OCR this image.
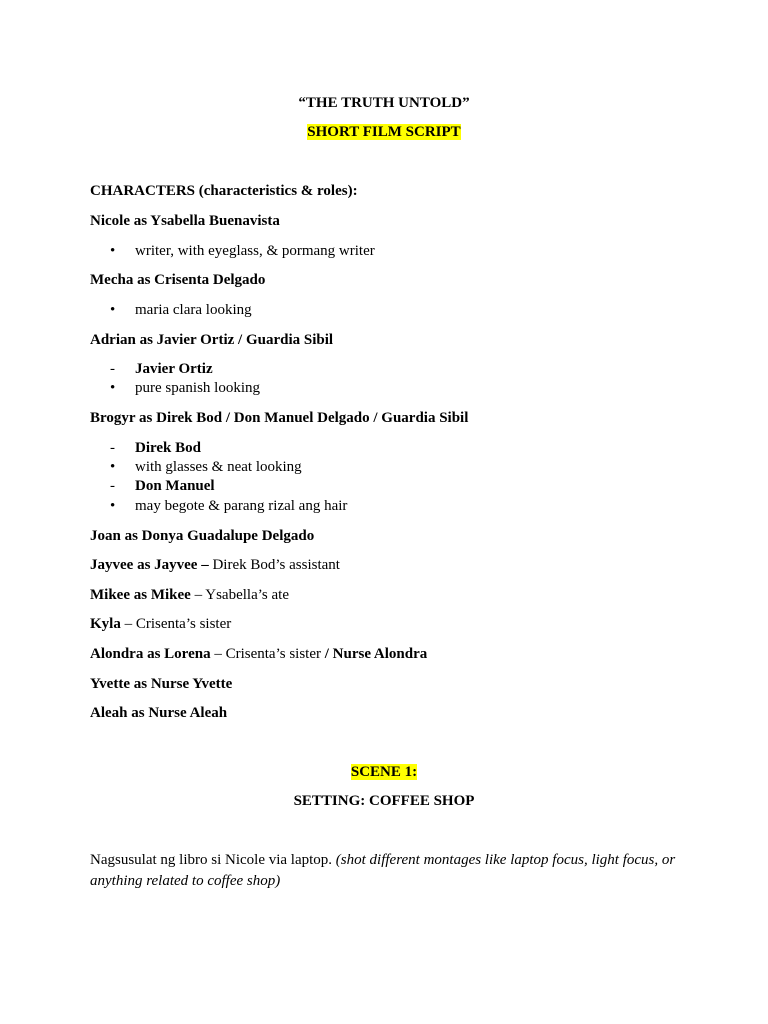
“THE TRUTH UNTOLD”
SHORT FILM SCRIPT
CHARACTERS (characteristics & roles):
Nicole as Ysabella Buenavista
•	writer, with eyeglass, & pormang writer
Mecha as Crisenta Delgado
•	maria clara looking
Adrian as Javier Ortiz / Guardia Sibil
-	Javier Ortiz
•	pure spanish looking
Brogyr as Direk Bod / Don Manuel Delgado / Guardia Sibil
-	Direk Bod
•	with glasses & neat looking
-	Don Manuel
•	may begote & parang rizal ang hair
Joan as Donya Guadalupe Delgado
Jayvee as Jayvee – Direk Bod’s assistant
Mikee as Mikee – Ysabella’s ate
Kyla – Crisenta’s sister
Alondra as Lorena – Crisenta’s sister / Nurse Alondra
Yvette as Nurse Yvette
Aleah as Nurse Aleah
SCENE 1:
SETTING: COFFEE SHOP
Nagsusulat ng libro si Nicole via laptop. (shot different montages like laptop focus, light focus, or anything related to coffee shop)
